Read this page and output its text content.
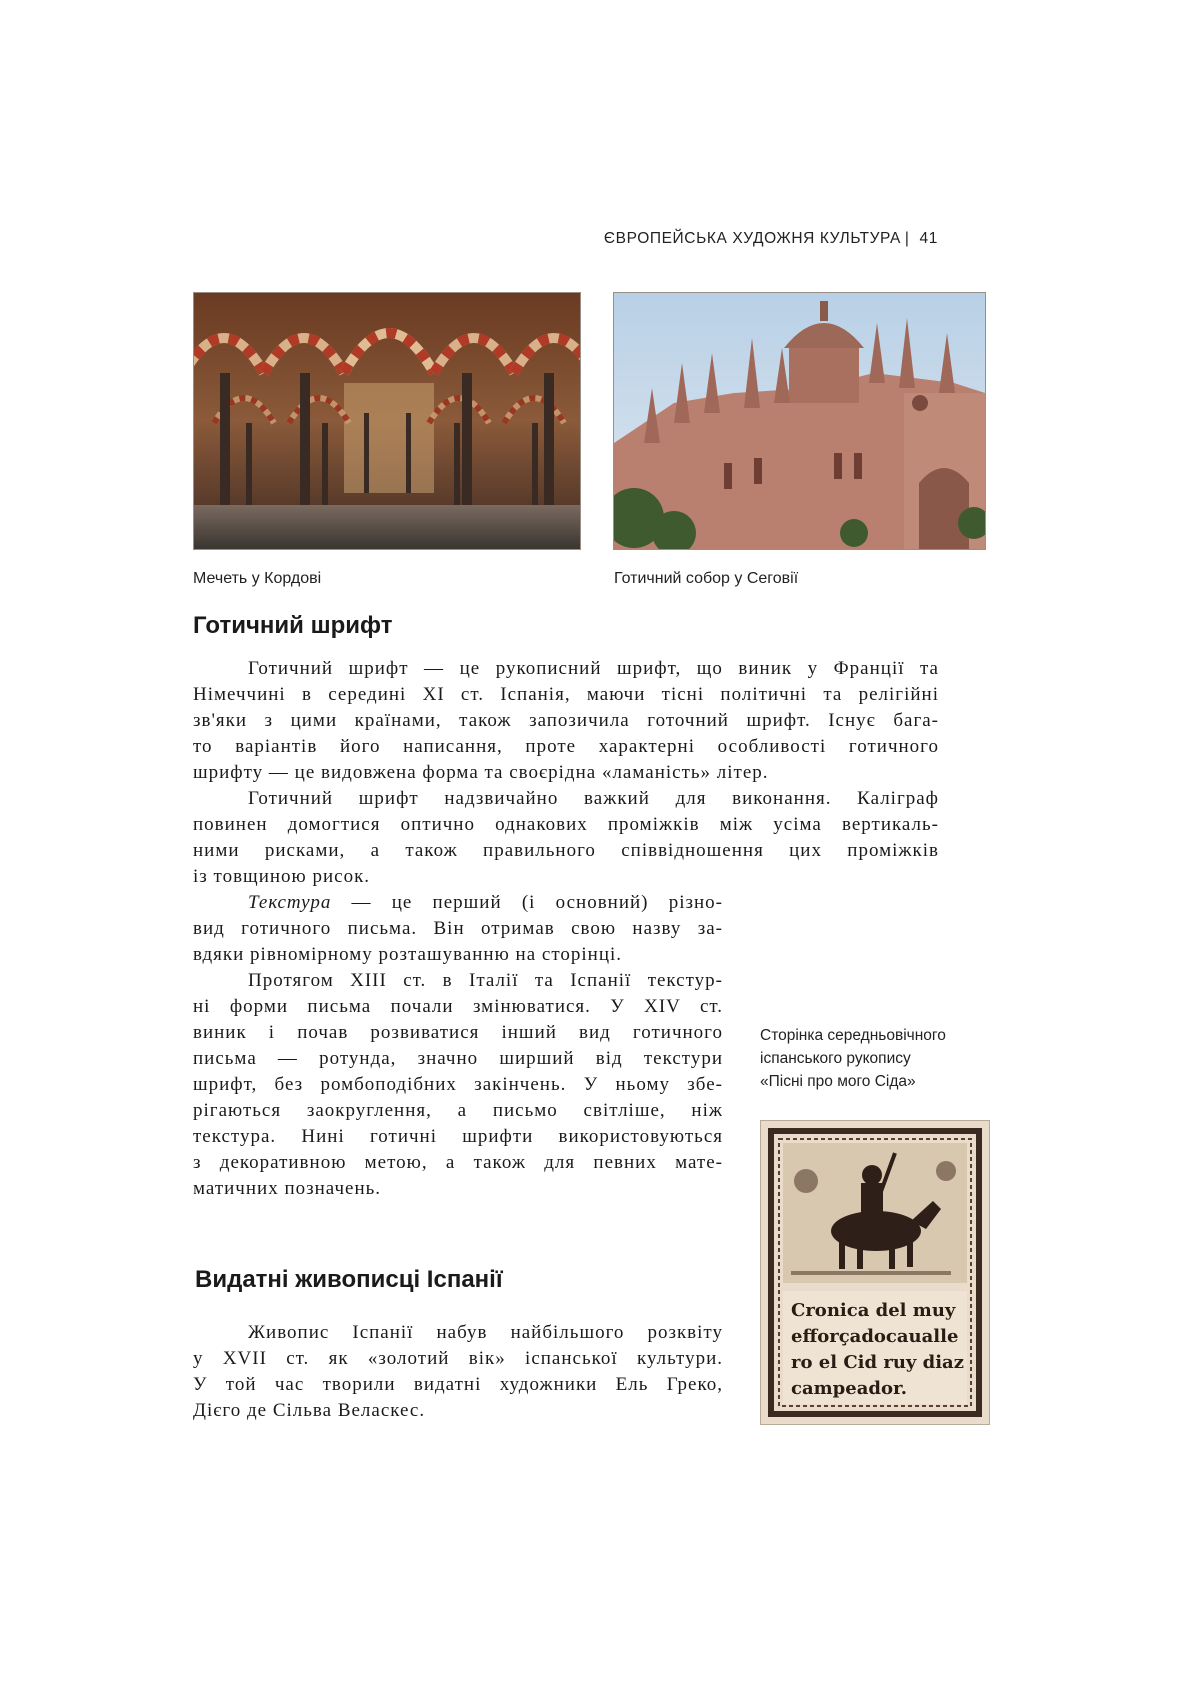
ЄВРОПЕЙСЬКА ХУДОЖНЯ КУЛЬТУРА | 41
Мечеть у Кордові	Готичний собор у Сеговії
Готичний шрифт
Готичний шрифт — це рукописний шрифт, що виник у Франції та
Німеччині в середині XI ст. Іспанія, маючи тісні політичні та релігійні
зв'яки з цими країнами, також запозичила готочний шрифт. Існує бага-
то варіантів його написання, проте характерні особливості готичного
шрифту — це видовжена форма та своєрідна «ламаність» літер.
Готичний шрифт надзвичайно важкий для виконання. Каліграф
повинен домогтися оптично однакових проміжків між усіма вертикаль-
ними рисками, а також правильного співвідношення цих проміжків
із товщиною рисок.
Текстура — це перший (і основний) різно-
вид готичного письма. Він отримав свою назву за-
вдяки рівномірному розташуванню на сторінці.
Протягом XIII ст. в Італії та Іспанії текстур-
ні форми письма почали змінюватися. У XIV ст.
виник і почав розвиватися інший вид готичного
письма — ротунда, значно ширший від текстури
шрифт, без ромбоподібних закінчень. У ньому збе-
рігаються заокруглення, а письмо світліше, ніж
текстура. Нині готичні шрифти використовуються
з декоративною метою, а також для певних мате-
матичних позначень.
Сторінка середньовічного
іспанського рукопису
«Пісні про мого Сіда»
Cronica del muy
efforçadocaualle
ro el Cid ruy diaz
campeador.
Видатні живописці Іспанії
Живопис Іспанії набув найбільшого розквіту
у XVII ст. як «золотий вік» іспанської культури.
У той час творили видатні художники Ель Греко,
Дієго де Сільва Веласкес.
